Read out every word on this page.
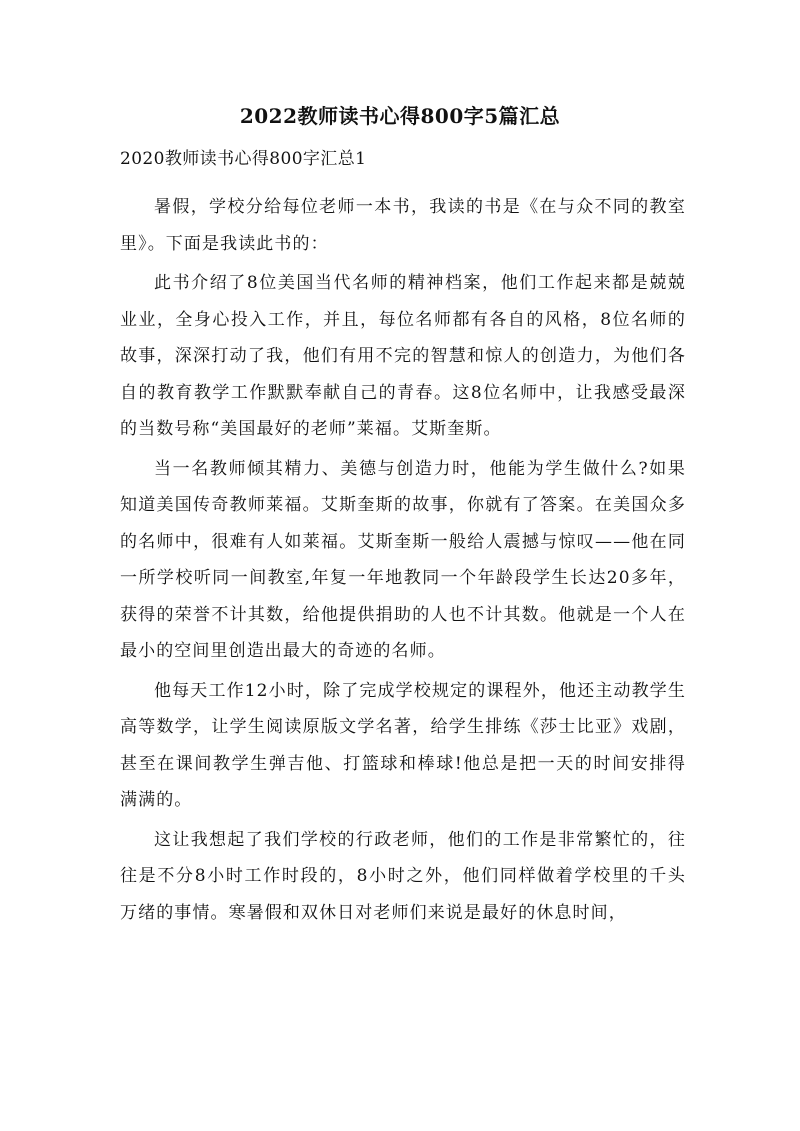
2022教师读书心得800字5篇汇总
2020教师读书心得800字汇总1

暑假，学校分给每位老师一本书，我读的书是《在与众不同的教室里》。下面是我读此书的：

此书介绍了8位美国当代名师的精神档案，他们工作起来都是兢兢业业，全身心投入工作，并且，每位名师都有各自的风格，8位名师的故事，深深打动了我，他们有用不完的智慧和惊人的创造力，为他们各自的教育教学工作默默奉献自己的青春。这8位名师中，让我感受最深的当数号称“美国最好的老师”莱福。艾斯奎斯。

当一名教师倾其精力、美德与创造力时，他能为学生做什么?如果知道美国传奇教师莱福。艾斯奎斯的故事，你就有了答案。在美国众多的名师中，很难有人如莱福。艾斯奎斯一般给人震撼与惊叹——他在同一所学校听同一间教室,年复一年地教同一个年龄段学生长达20多年，获得的荣誉不计其数，给他提供捐助的人也不计其数。他就是一个人在最小的空间里创造出最大的奇迹的名师。

他每天工作12小时，除了完成学校规定的课程外，他还主动教学生高等数学，让学生阅读原版文学名著，给学生排练《莎士比亚》戏剧，甚至在课间教学生弹吉他、打篮球和棒球!他总是把一天的时间安排得满满的。

这让我想起了我们学校的行政老师，他们的工作是非常繁忙的，往往是不分8小时工作时段的，8小时之外，他们同样做着学校里的千头万绪的事情。寒暑假和双休日对老师们来说是最好的休息时间，
